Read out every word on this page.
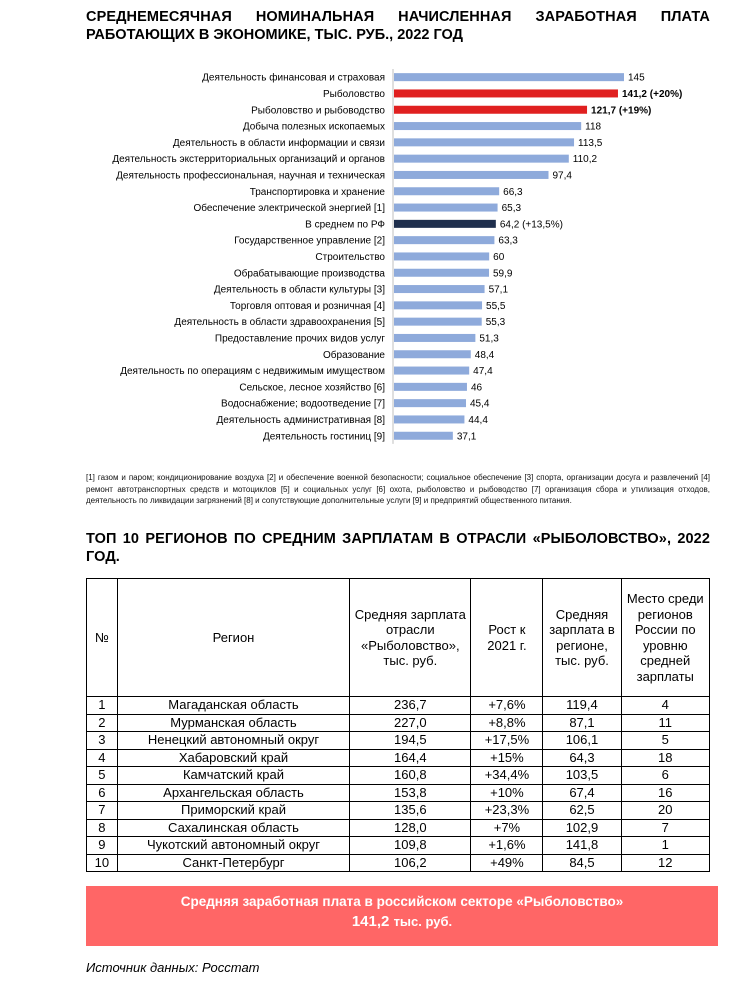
СРЕДНЕМЕСЯЧНАЯ НОМИНАЛЬНАЯ НАЧИСЛЕННАЯ ЗАРАБОТНАЯ ПЛАТА
РАБОТАЮЩИХ В ЭКОНОМИКЕ, ТЫС. РУБ., 2022 ГОД
Деятельность финансовая и страховая	145
Рыболовство	141,2 (+20%)
Рыболовство и рыбоводство	121,7 (+19%)
Добыча полезных ископаемых	118
Деятельность в области информации и связи	113,5
Деятельность экстерриториальных организаций и органов	110,2
Деятельность профессиональная, научная и техническая	97,4
Транспортировка и хранение	66,3
Обеспечение электрической энергией [1]	65,3
В среднем по РФ	64,2 (+13,5%)
Государственное управление [2]	63,3
Строительство	60
Обрабатывающие производства	59,9
Деятельность в области культуры [3]	57,1
Торговля оптовая и розничная [4]	55,5
Деятельность в области здравоохранения [5]	55,3
Предоставление прочих видов услуг	51,3
Образование	48,4
Деятельность по операциям с недвижимым имуществом	47,4
Сельское, лесное хозяйство [6]	46
Водоснабжение; водоотведение [7]	45,4
Деятельность административная [8]	44,4
Деятельность гостиниц [9]	37,1
[1] газом и паром; кондиционирование воздуха [2] и обеспечение военной безопасности; социальное обеспечение [3] спорта, организации досуга и развлечений [4] ремонт автотранспортных средств и мотоциклов [5] и социальных услуг [6] охота, рыболовство и рыбоводство [7] организация сбора и утилизация отходов, деятельность по ликвидации загрязнений [8] и сопутствующие дополнительные услуги [9] и предприятий общественного питания.
ТОП 10 РЕГИОНОВ ПО СРЕДНИМ ЗАРПЛАТАМ В ОТРАСЛИ «РЫБОЛОВСТВО», 2022 ГОД.
№	Регион	Средняя зарплата отрасли «Рыболовство», тыс. руб.	Рост к 2021 г.	Средняя зарплата в регионе, тыс. руб.	Место среди регионов России по уровню средней зарплаты
1	Магаданская область	236,7	+7,6%	119,4	4
2	Мурманская область	227,0	+8,8%	87,1	11
3	Ненецкий автономный округ	194,5	+17,5%	106,1	5
4	Хабаровский край	164,4	+15%	64,3	18
5	Камчатский край	160,8	+34,4%	103,5	6
6	Архангельская область	153,8	+10%	67,4	16
7	Приморский край	135,6	+23,3%	62,5	20
8	Сахалинская область	128,0	+7%	102,9	7
9	Чукотский автономный округ	109,8	+1,6%	141,8	1
10	Санкт-Петербург	106,2	+49%	84,5	12
Средняя заработная плата в российском секторе «Рыболовство»
141,2 тыс. руб.
Источник данных: Росстат
